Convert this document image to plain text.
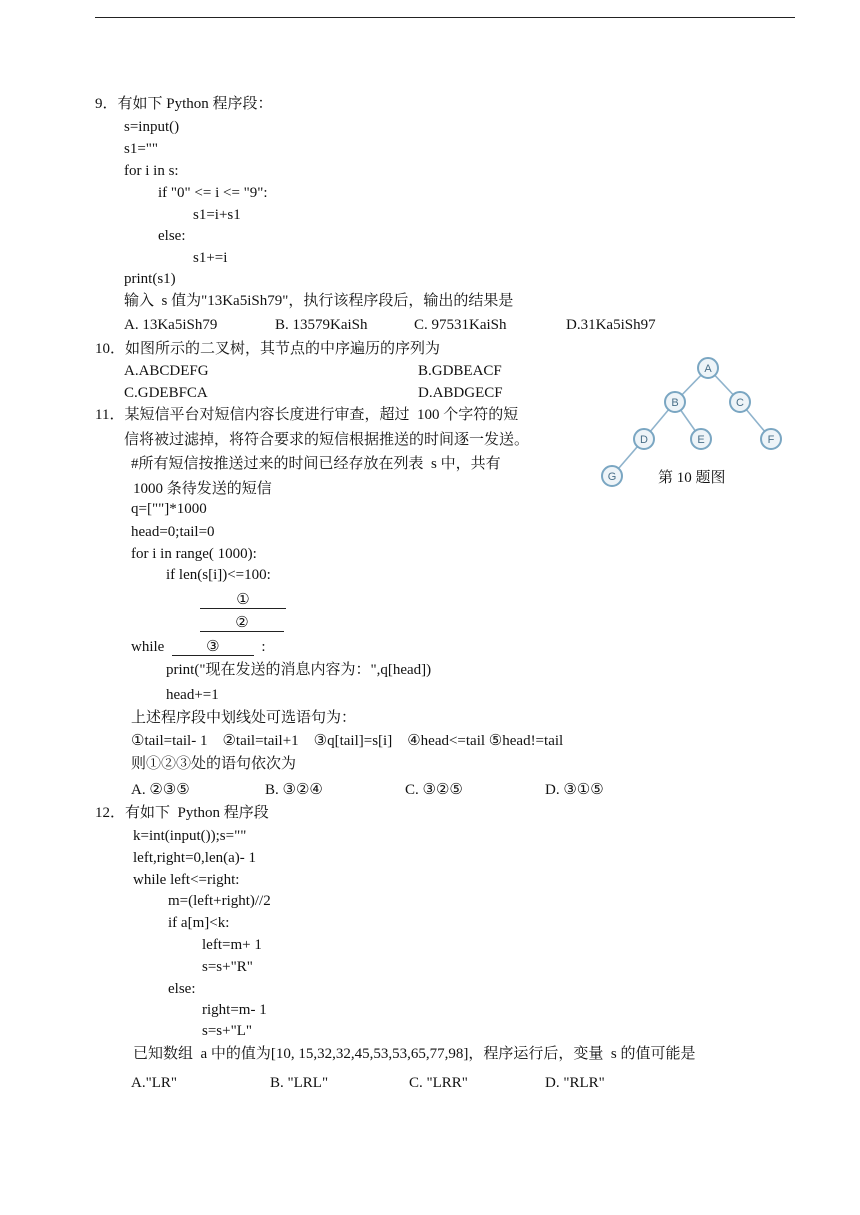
9．有如下 Python 程序段：
s=input()
s1=""
for i in s:
if "0" <= i <= "9":
s1=i+s1
else:
s1+=i
print(s1)
输入  s 值为"13Ka5iSh79"，执行该程序段后，输出的结果是
A. 13Ka5iSh79	B. 13579KaiSh	C. 97531KaiSh	D.31Ka5iSh97
10．如图所示的二叉树，其节点的中序遍历的序列为
A.ABCDEFG	B.GDBEACF
C.GDEBFCA	D.ABDGECF
A
B	C
D	E	F
G	第 10 题图
11．某短信平台对短信内容长度进行审查，超过  100 个字符的短
信将被过滤掉，将符合要求的短信根据推送的时间逐一发送。
#所有短信按推送过来的时间已经存放在列表  s 中，共有
1000 条待发送的短信
q=[""]*1000
head=0;tail=0
for i in range( 1000):
if len(s[i])<=100:
①
②
while	③	:
print("现在发送的消息内容为：",q[head])
head+=1
上述程序段中划线处可选语句为：
①tail=tail- 1    ②tail=tail+1    ③q[tail]=s[i]    ④head<=tail ⑤head!=tail
则①②③处的语句依次为
A. ②③⑤	B. ③②④	C. ③②⑤	D. ③①⑤
12．有如下  Python 程序段
k=int(input());s=""
left,right=0,len(a)- 1
while left<=right:
m=(left+right)//2
if a[m]<k:
left=m+ 1
s=s+"R"
else:
right=m- 1
s=s+"L"
已知数组  a 中的值为[10, 15,32,32,45,53,53,65,77,98]，程序运行后，变量  s 的值可能是
A."LR"	B. "LRL"	C. "LRR"	D. "RLR"
